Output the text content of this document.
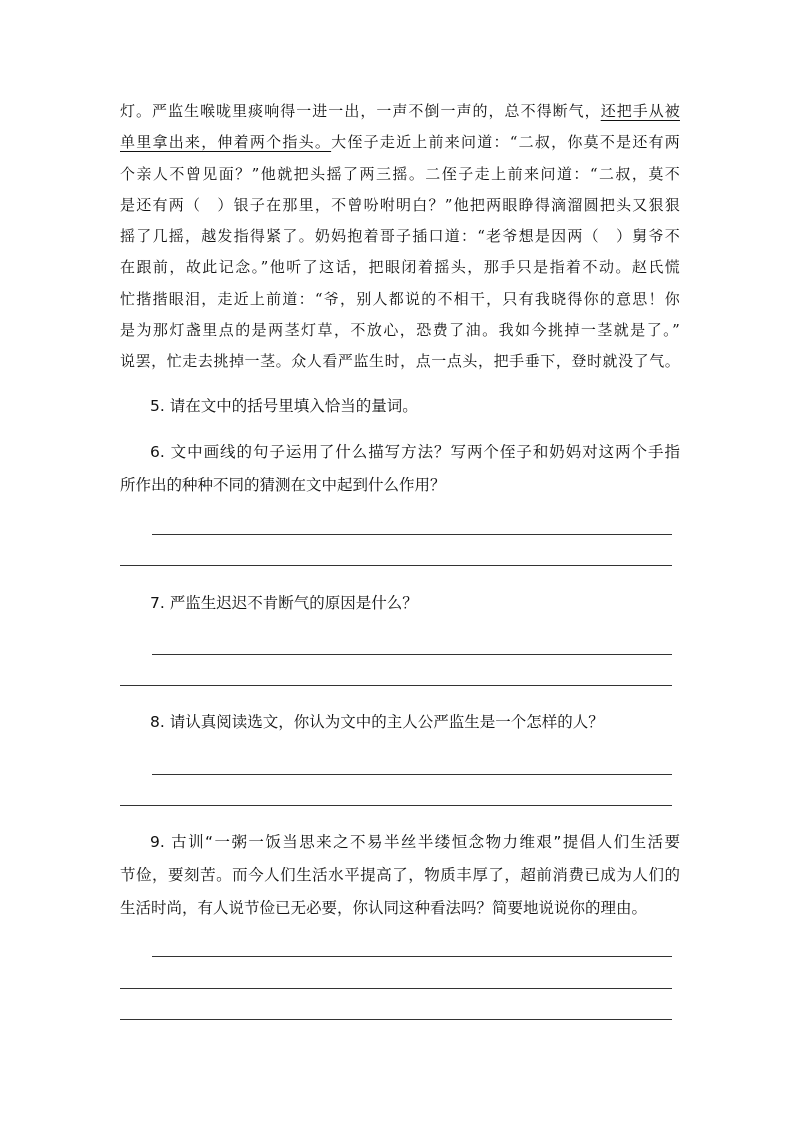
灯。严监生喉咙里痰响得一进一出，一声不倒一声的，总不得断气，还把手从被
单里拿出来，伸着两个指头。大侄子走近上前来问道：“二叔，你莫不是还有两
个亲人不曾见面？”他就把头摇了两三摇。二侄子走上前来问道：“二叔，莫不
是还有两（　）银子在那里，不曾吩咐明白？”他把两眼睁得滴溜圆把头又狠狠
摇了几摇，越发指得紧了。奶妈抱着哥子插口道：“老爷想是因两（　）舅爷不
在跟前，故此记念。”他听了这话，把眼闭着摇头，那手只是指着不动。赵氏慌
忙揩揩眼泪，走近上前道：“爷，别人都说的不相干，只有我晓得你的意思！你
是为那灯盏里点的是两茎灯草，不放心，恐费了油。我如今挑掉一茎就是了。”
说罢，忙走去挑掉一茎。众人看严监生时，点一点头，把手垂下，登时就没了气。
5. 请在文中的括号里填入恰当的量词。
6. 文中画线的句子运用了什么描写方法？写两个侄子和奶妈对这两个手指
所作出的种种不同的猜测在文中起到什么作用？
7. 严监生迟迟不肯断气的原因是什么？
8. 请认真阅读选文，你认为文中的主人公严监生是一个怎样的人？
9. 古训“一粥一饭当思来之不易半丝半缕恒念物力维艰”提倡人们生活要
节俭，要刻苦。而今人们生活水平提高了，物质丰厚了，超前消费已成为人们的
生活时尚，有人说节俭已无必要，你认同这种看法吗？简要地说说你的理由。
